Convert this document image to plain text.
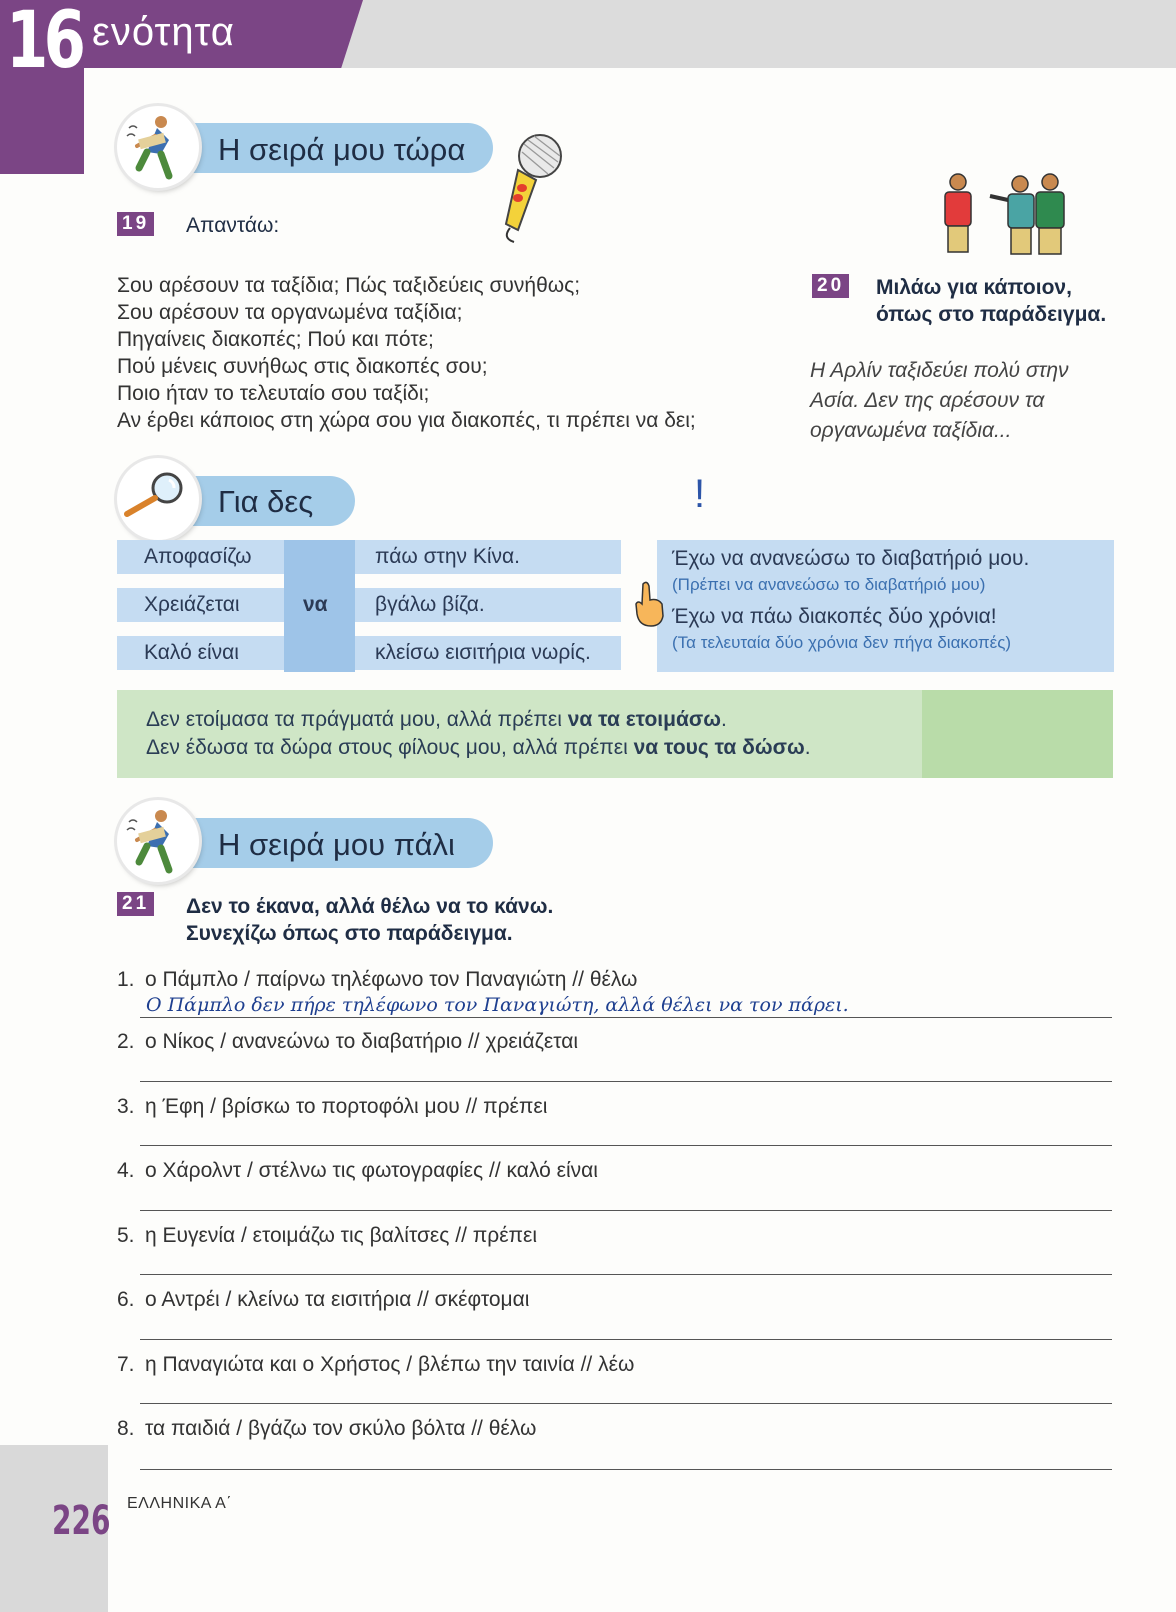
16 ενότητα
Η σειρά μου τώρα
19 Απαντάω:
Σου αρέσουν τα ταξίδια; Πώς ταξιδεύεις συνήθως;
Σου αρέσουν τα οργανωμένα ταξίδια;
Πηγαίνεις διακοπές; Πού και πότε;
Πού μένεις συνήθως στις διακοπές σου;
Ποιο ήταν το τελευταίο σου ταξίδι;
Αν έρθει κάποιος στη χώρα σου για διακοπές, τι πρέπει να δει;
20 Μιλάω για κάποιον,
όπως στο παράδειγμα.
Η Αρλίν ταξιδεύει πολύ στην
Ασία. Δεν της αρέσουν τα
οργανωμένα ταξίδια...
Για δες	!
Αποφασίζω
Χρειάζεται
Καλό είναι
να
πάω στην Κίνα.
βγάλω βίζα.
κλείσω εισιτήρια νωρίς.
Έχω να ανανεώσω το διαβατήριό μου.
(Πρέπει να ανανεώσω το διαβατήριό μου)
Έχω να πάω διακοπές δύο χρόνια!
(Τα τελευταία δύο χρόνια δεν πήγα διακοπές)
Δεν ετοίμασα τα πράγματά μου, αλλά πρέπει να τα ετοιμάσω.
Δεν έδωσα τα δώρα στους φίλους μου, αλλά πρέπει να τους τα δώσω.
Η σειρά μου πάλι
21 Δεν το έκανα, αλλά θέλω να το κάνω.
Συνεχίζω όπως στο παράδειγμα.
1. ο Πάμπλο / παίρνω τηλέφωνο τον Παναγιώτη // θέλω
Ο Πάμπλο δεν πήρε τηλέφωνο τον Παναγιώτη, αλλά θέλει να τον πάρει.
2. ο Νίκος / ανανεώνω το διαβατήριο // χρειάζεται
3. η Έφη / βρίσκω το πορτοφόλι μου // πρέπει
4. ο Χάρολντ / στέλνω τις φωτογραφίες // καλό είναι
5. η Ευγενία / ετοιμάζω τις βαλίτσες // πρέπει
6. ο Αντρέι / κλείνω τα εισιτήρια // σκέφτομαι
7. η Παναγιώτα και ο Χρήστος / βλέπω την ταινία // λέω
8. τα παιδιά / βγάζω τον σκύλο βόλτα // θέλω
226 ΕΛΛΗΝΙΚΑ Α΄
